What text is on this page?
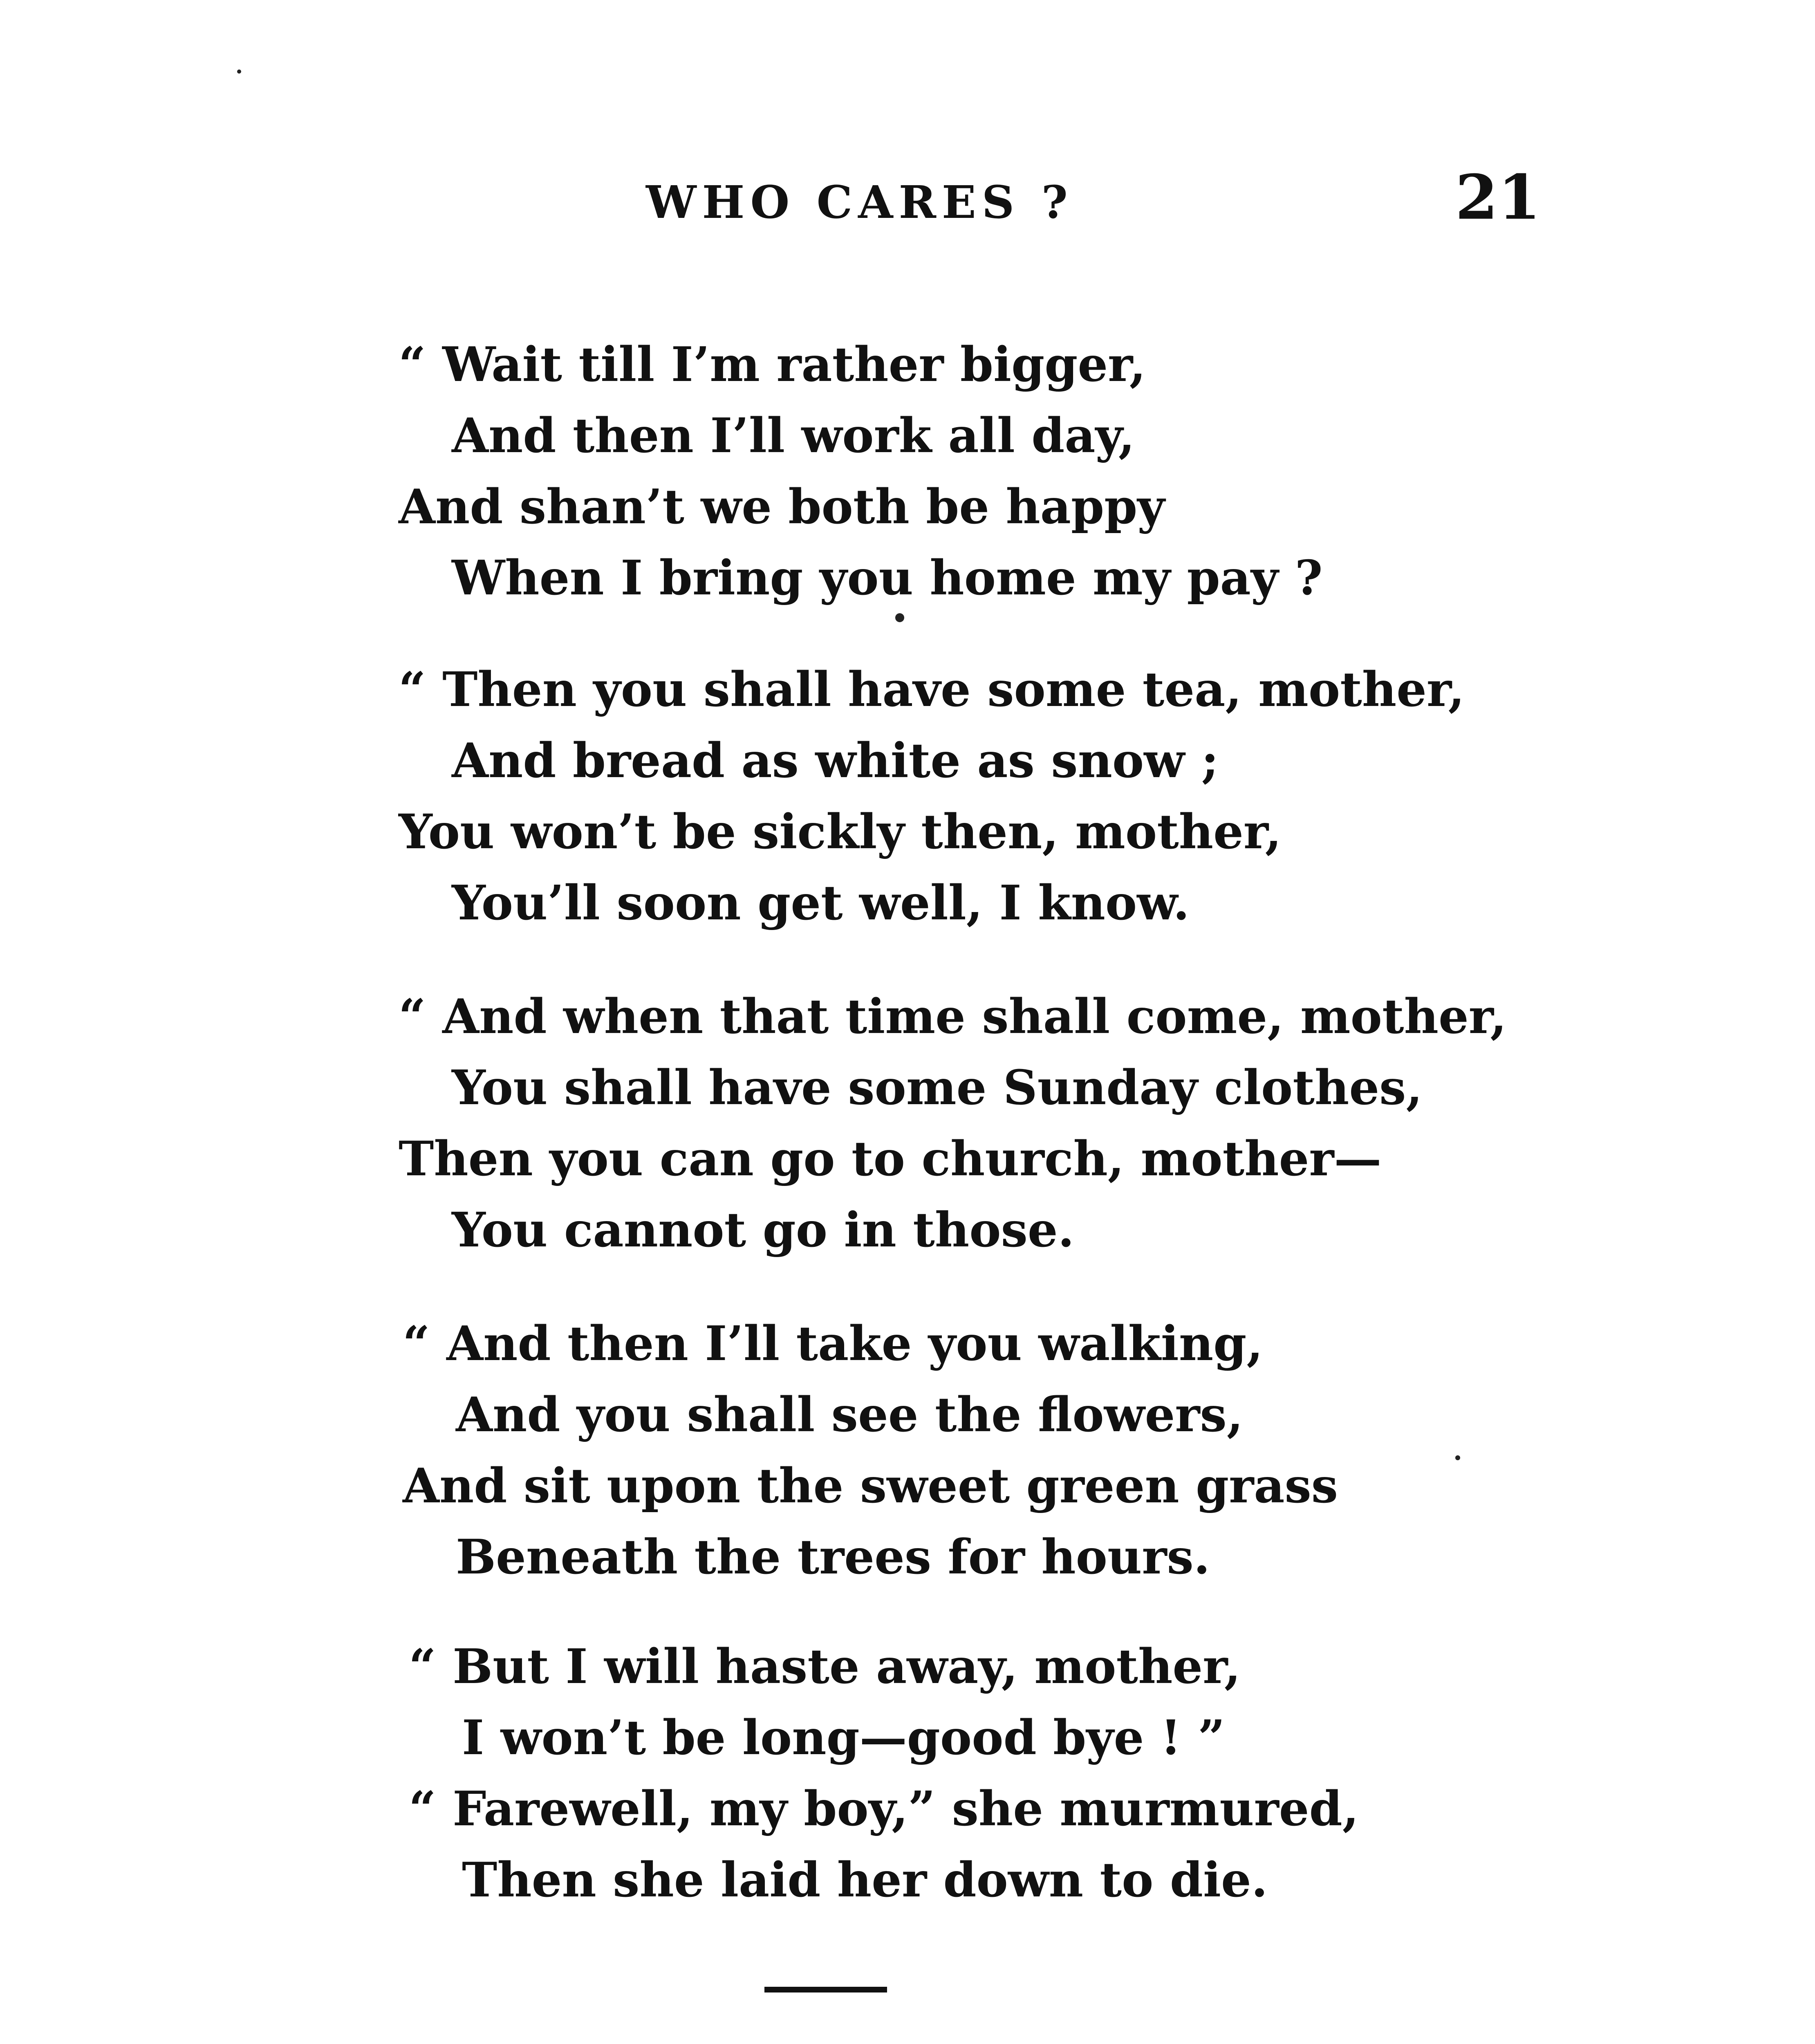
WHO CARES ?	21
“ Wait till I’m rather bigger,
And then I’ll work all day,
And shan’t we both be happy
When I bring you home my pay ?
“ Then you shall have some tea, mother,
And bread as white as snow ;
You won’t be sickly then, mother,
You’ll soon get well, I know.
“ And when that time shall come, mother,
You shall have some Sunday clothes,
Then you can go to church, mother—
You cannot go in those.
“ And then I’ll take you walking,
And you shall see the flowers,
And sit upon the sweet green grass
Beneath the trees for hours.
“ But I will haste away, mother,
I won’t be long—good bye ! ”
“ Farewell, my boy,” she murmured,
Then she laid her down to die.
